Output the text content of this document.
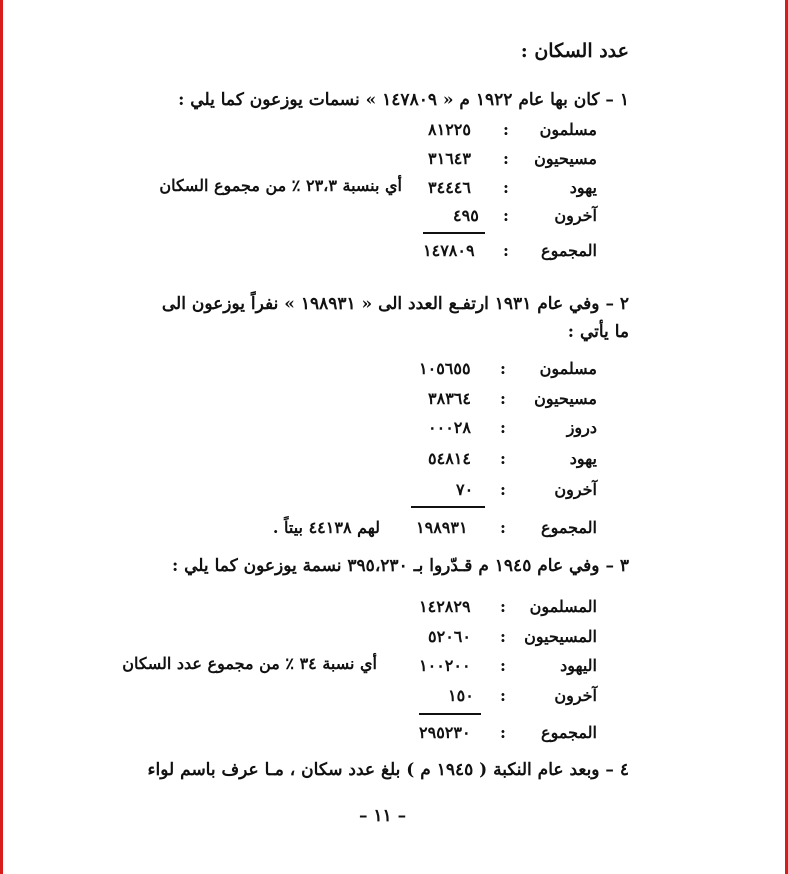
عدد السكان :
١ – كان بها عام ١٩٢٢ م « ١٤٧٨٠٩ » نسمات يوزعون كما يلي :
مسلمون
:
٨١٢٢٥
مسيحيون
:
٣١٦٤٣
يهود
:
٣٤٤٤٦
أي بنسبة ٢٣،٣ ٪ من مجموع السكان
آخرون
:
٤٩٥
المجموع
:
١٤٧٨٠٩
٢ – وفي عام ١٩٣١ ارتفـع العدد الى « ١٩٨٩٣١ » نفراً يوزعون الى
ما يأتي :
مسلمون
:
١٠٥٦٥٥
مسيحيون
:
٣٨٣٦٤
دروز
:
٠٠٠٢٨
يهود
:
٥٤٨١٤
آخرون
:
٧٠
المجموع
:
١٩٨٩٣١
لهم ٤٤١٣٨ بيتاً .
٣ – وفي عام ١٩٤٥ م قـدّروا بـ ٣٩٥،٢٣٠ نسمة يوزعون كما يلي :
المسلمون
:
١٤٢٨٢٩
المسيحيون
:
٥٢٠٦٠
اليهود
:
١٠٠٢٠٠
أي نسبة ٣٤ ٪ من مجموع عدد السكان
آخرون
:
١٥٠
المجموع
:
٢٩٥٢٣٠
٤ – وبعد عام النكبة ( ١٩٤٥ م ) بلغ عدد سكان ، مـا عرف باسم لواء
– ١١ –
